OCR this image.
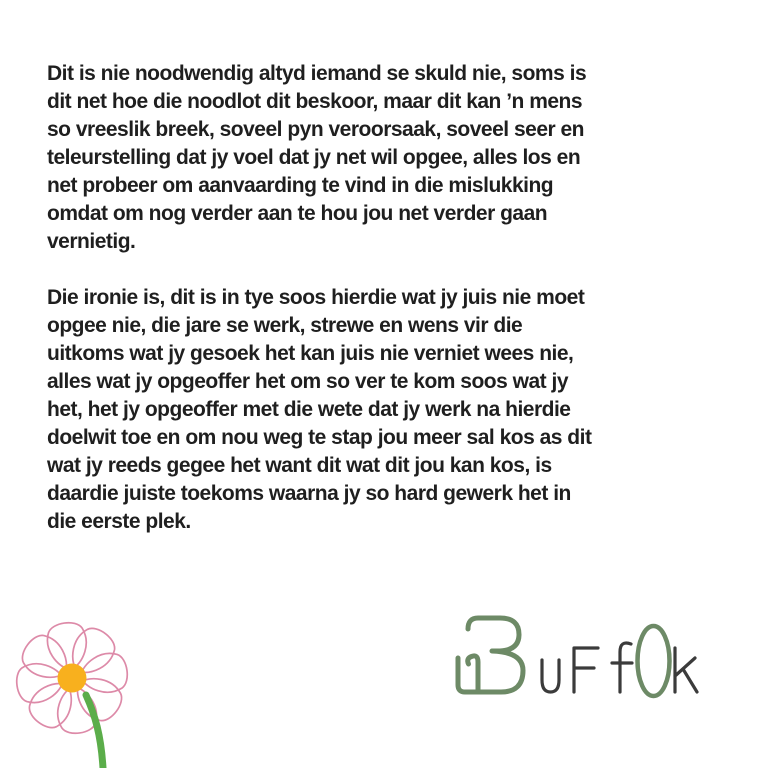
Dit is nie noodwendig altyd iemand se skuld nie, soms is
dit net hoe die noodlot dit beskoor, maar dit kan ’n mens
so vreeslik breek, soveel pyn veroorsaak, soveel seer en
teleurstelling dat jy voel dat jy net wil opgee, alles los en
net probeer om aanvaarding te vind in die mislukking
omdat om nog verder aan te hou jou net verder gaan
vernietig.
Die ironie is, dit is in tye soos hierdie wat jy juis nie moet
opgee nie, die jare se werk, strewe en wens vir die
uitkoms wat jy gesoek het kan juis nie verniet wees nie,
alles wat jy opgeoffer het om so ver te kom soos wat jy
het, het jy opgeoffer met die wete dat jy werk na hierdie
doelwit toe en om nou weg te stap jou meer sal kos as dit
wat jy reeds gegee het want dit wat dit jou kan kos, is
daardie juiste toekoms waarna jy so hard gewerk het in
die eerste plek.
